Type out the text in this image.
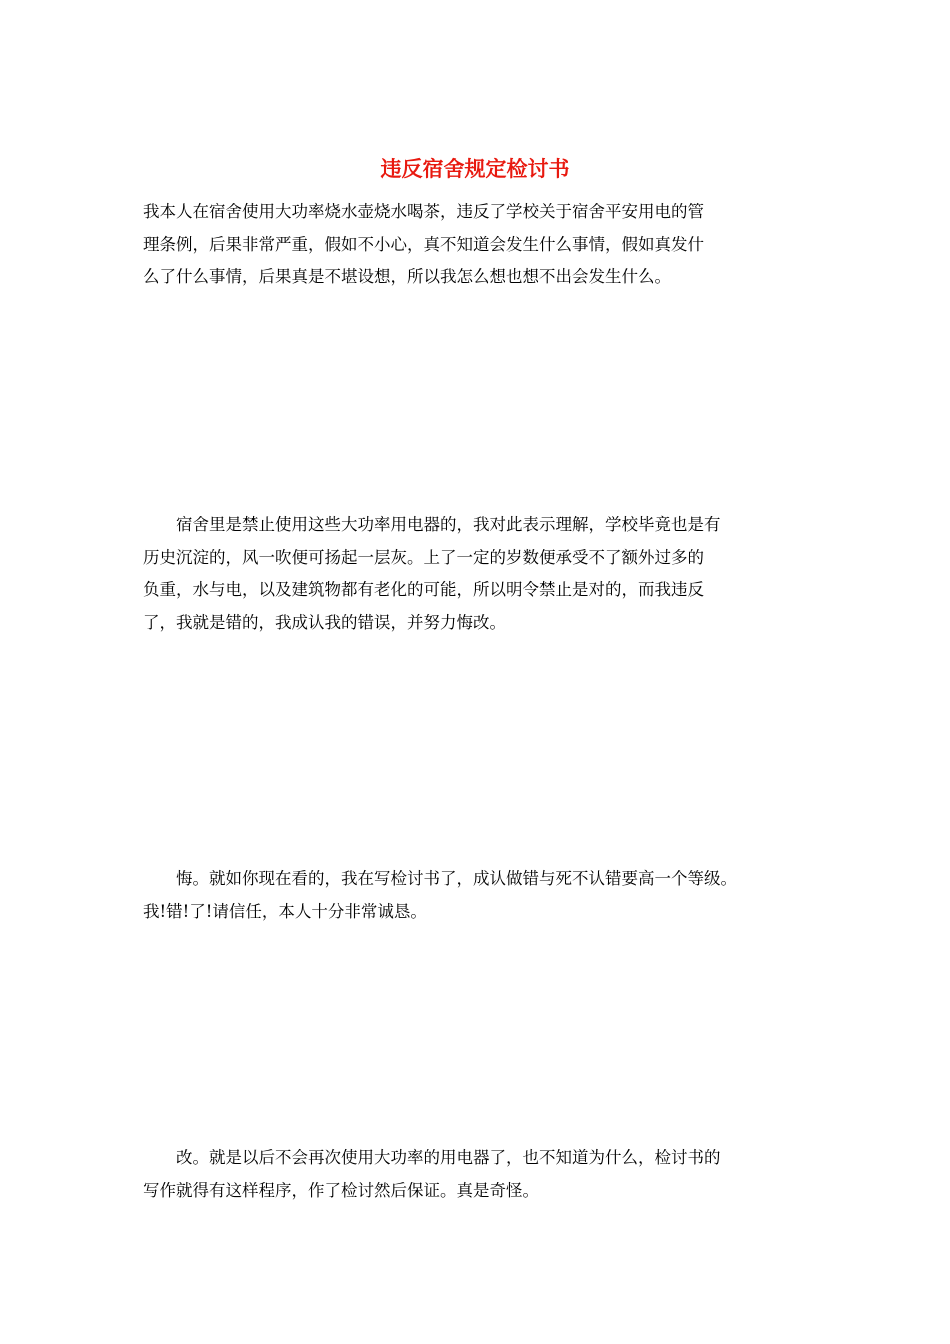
违反宿舍规定检讨书
我本人在宿舍使用大功率烧水壶烧水喝茶，违反了学校关于宿舍平安用电的管
理条例，后果非常严重，假如不小心，真不知道会发生什么事情，假如真发什
么了什么事情，后果真是不堪设想，所以我怎么想也想不出会发生什么。
宿舍里是禁止使用这些大功率用电器的，我对此表示理解，学校毕竟也是有
历史沉淀的，风一吹便可扬起一层灰。上了一定的岁数便承受不了额外过多的
负重，水与电，以及建筑物都有老化的可能，所以明令禁止是对的，而我违反
了，我就是错的，我成认我的错误，并努力悔改。
悔。就如你现在看的，我在写检讨书了，成认做错与死不认错要高一个等级。
我!错!了!请信任，本人十分非常诚恳。
改。就是以后不会再次使用大功率的用电器了，也不知道为什么，检讨书的
写作就得有这样程序，作了检讨然后保证。真是奇怪。
